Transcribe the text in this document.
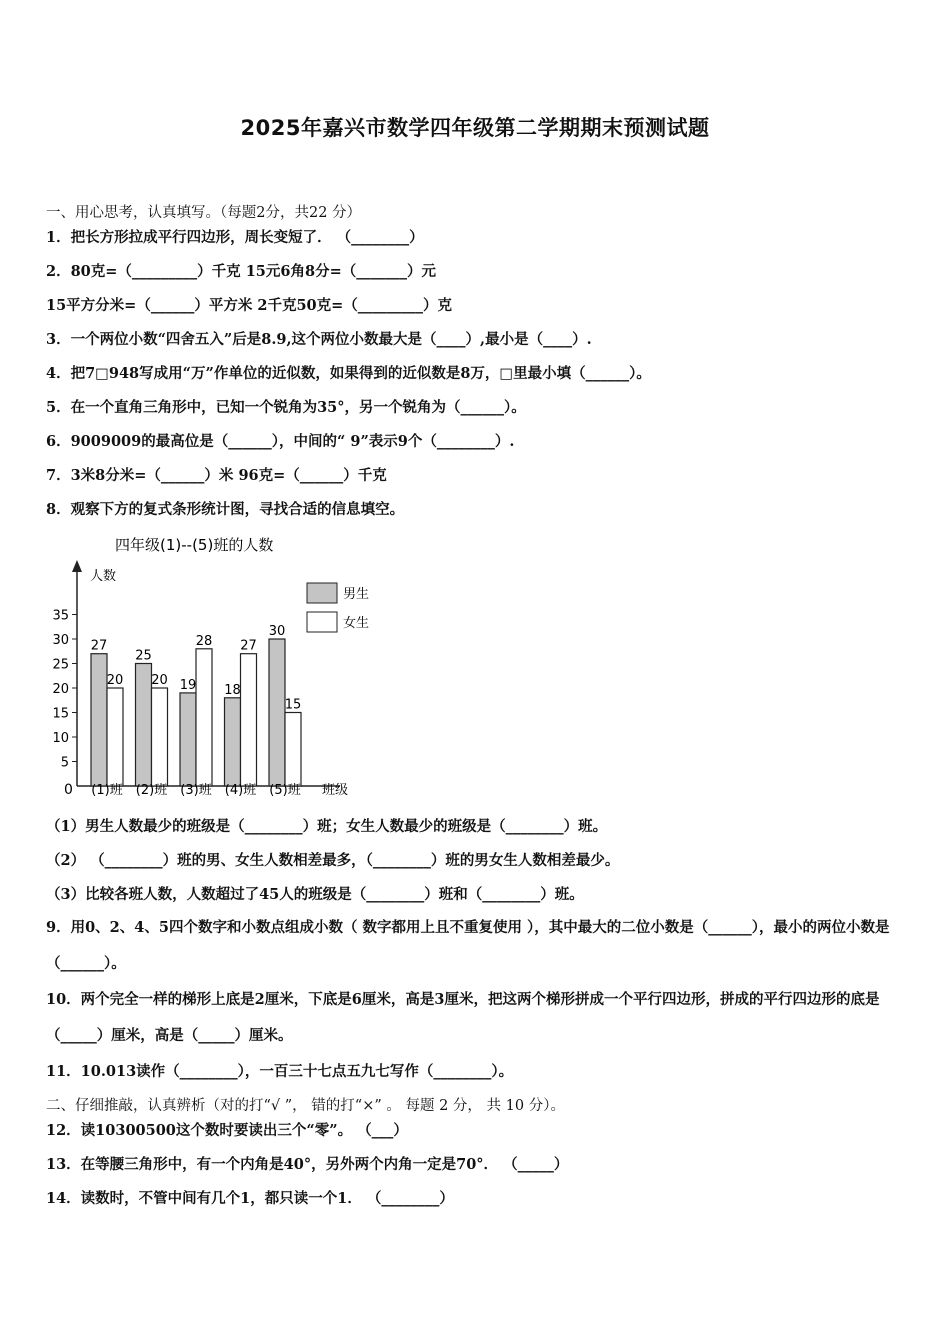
2025年嘉兴市数学四年级第二学期期末预测试题
一、用心思考，认真填写。（每题2分，共22 分）
1．把长方形拉成平行四边形，周长变短了． （________）
2．80克=（_________）千克 15元6角8分=（_______）元
15平方分米=（______）平方米 2千克50克=（_________）克
3．一个两位小数“四舍五入”后是8.9,这个两位小数最大是（____）,最小是（____）.
4．把7□948写成用“万”作单位的近似数，如果得到的近似数是8万，□里最小填（______）。
5．在一个直角三角形中，已知一个锐角为35°，另一个锐角为（______）。
6．9009009的最高位是（______），中间的“ 9”表示9个（________）.
7．3米8分米=（______）米 96克=（______）千克
8．观察下方的复式条形统计图，寻找合适的信息填空。
四年级(1)--(5)班的人数
人数
班级
0
5
10
15
20
25
30
35
27
20
25
20 19
28
18
27
30
15
(1)班 (2)班 (3)班 (4)班 (5)班
男生
女生
（1）男生人数最少的班级是（________）班；女生人数最少的班级是（________）班。
（2） （________）班的男、女生人数相差最多，（________）班的男女生人数相差最少。
（3）比较各班人数，人数超过了45人的班级是（________）班和（________）班。
9．用0、2、4、5四个数字和小数点组成小数（ 数字都用上且不重复使用 ），其中最大的二位小数是（______），最小的两位小数是（______）。
10．两个完全一样的梯形上底是2厘米，下底是6厘米，高是3厘米，把这两个梯形拼成一个平行四边形，拼成的平行四边形的底是（_____）厘米，高是（_____）厘米。
11．10.013读作（________），一百三十七点五九七写作（________）。
二、仔细推敲，认真辨析（对的打“√ ”， 错的打“×” 。 每题 2 分， 共 10 分）。
12．读10300500这个数时要读出三个“零”。 （___）
13．在等腰三角形中，有一个内角是40°，另外两个内角一定是70°． （_____）
14．读数时，不管中间有几个1，都只读一个1． （________）
